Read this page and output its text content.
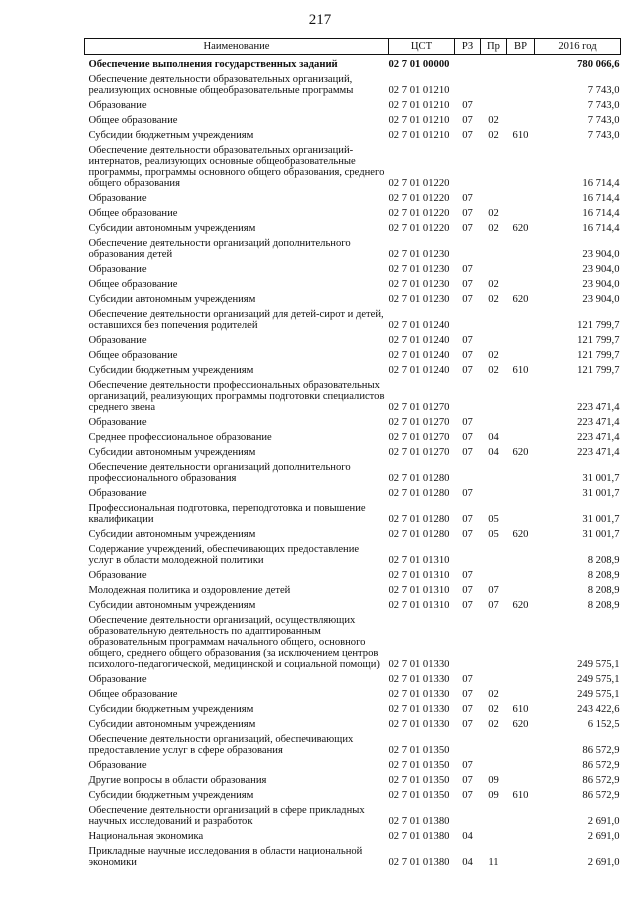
217
Наименование	ЦСТ	РЗ	Пр	ВР	2016 год
Обеспечение выполнения государственных заданий	02 7 01 00000				780 066,6
Обеспечение деятельности образовательных организаций, реализующих основные общеобразовательные программы	02 7 01 01210				7 743,0
Образование	02 7 01 01210	07			7 743,0
Общее образование	02 7 01 01210	07	02		7 743,0
Субсидии бюджетным учреждениям	02 7 01 01210	07	02	610	7 743,0
Обеспечение деятельности образовательных организаций-интернатов, реализующих основные общеобразовательные программы, программы основного общего образования, среднего общего образования	02 7 01 01220				16 714,4
Образование	02 7 01 01220	07			16 714,4
Общее образование	02 7 01 01220	07	02		16 714,4
Субсидии автономным учреждениям	02 7 01 01220	07	02	620	16 714,4
Обеспечение деятельности организаций дополнительного образования детей	02 7 01 01230				23 904,0
Образование	02 7 01 01230	07			23 904,0
Общее образование	02 7 01 01230	07	02		23 904,0
Субсидии автономным учреждениям	02 7 01 01230	07	02	620	23 904,0
Обеспечение деятельности организаций для детей-сирот и детей, оставшихся без попечения родителей	02 7 01 01240				121 799,7
Образование	02 7 01 01240	07			121 799,7
Общее образование	02 7 01 01240	07	02		121 799,7
Субсидии бюджетным учреждениям	02 7 01 01240	07	02	610	121 799,7
Обеспечение деятельности профессиональных образовательных организаций, реализующих программы подготовки специалистов среднего звена	02 7 01 01270				223 471,4
Образование	02 7 01 01270	07			223 471,4
Среднее профессиональное образование	02 7 01 01270	07	04		223 471,4
Субсидии автономным учреждениям	02 7 01 01270	07	04	620	223 471,4
Обеспечение деятельности организаций дополнительного профессионального образования	02 7 01 01280				31 001,7
Образование	02 7 01 01280	07			31 001,7
Профессиональная подготовка, переподготовка и повышение квалификации	02 7 01 01280	07	05		31 001,7
Субсидии автономным учреждениям	02 7 01 01280	07	05	620	31 001,7
Содержание учреждений, обеспечивающих предоставление услуг в области молодежной политики	02 7 01 01310				8 208,9
Образование	02 7 01 01310	07			8 208,9
Молодежная политика и оздоровление детей	02 7 01 01310	07	07		8 208,9
Субсидии автономным учреждениям	02 7 01 01310	07	07	620	8 208,9
Обеспечение деятельности организаций, осуществляющих образовательную деятельность по адаптированным образовательным программам начального общего, основного общего, среднего общего образования (за исключением центров психолого-педагогической, медицинской и социальной помощи)	02 7 01 01330				249 575,1
Образование	02 7 01 01330	07			249 575,1
Общее образование	02 7 01 01330	07	02		249 575,1
Субсидии бюджетным учреждениям	02 7 01 01330	07	02	610	243 422,6
Субсидии автономным учреждениям	02 7 01 01330	07	02	620	6 152,5
Обеспечение деятельности организаций, обеспечивающих предоставление услуг в сфере образования	02 7 01 01350				86 572,9
Образование	02 7 01 01350	07			86 572,9
Другие вопросы в области образования	02 7 01 01350	07	09		86 572,9
Субсидии бюджетным учреждениям	02 7 01 01350	07	09	610	86 572,9
Обеспечение деятельности организаций в сфере прикладных научных исследований и разработок	02 7 01 01380				2 691,0
Национальная экономика	02 7 01 01380	04			2 691,0
Прикладные научные исследования в области национальной экономики	02 7 01 01380	04	11		2 691,0
